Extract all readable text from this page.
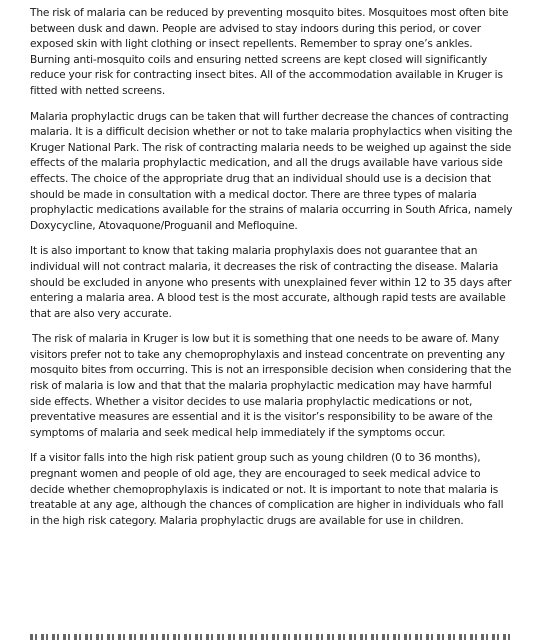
The risk of malaria can be reduced by preventing mosquito bites. Mosquitoes most often bite between dusk and dawn. People are advised to stay indoors during this period, or cover exposed skin with light clothing or insect repellents. Remember to spray one’s ankles. Burning anti-mosquito coils and ensuring netted screens are kept closed will significantly reduce your risk for contracting insect bites. All of the accommodation available in Kruger is fitted with netted screens.

Malaria prophylactic drugs can be taken that will further decrease the chances of contracting malaria. It is a difficult decision whether or not to take malaria prophylactics when visiting the Kruger National Park. The risk of contracting malaria needs to be weighed up against the side effects of the malaria prophylactic medication, and all the drugs available have various side effects. The choice of the appropriate drug that an individual should use is a decision that should be made in consultation with a medical doctor. There are three types of malaria prophylactic medications available for the strains of malaria occurring in South Africa, namely Doxycycline, Atovaquone/Proguanil and Mefloquine.

It is also important to know that taking malaria prophylaxis does not guarantee that an individual will not contract malaria, it decreases the risk of contracting the disease. Malaria should be excluded in anyone who presents with unexplained fever within 12 to 35 days after entering a malaria area. A blood test is the most accurate, although rapid tests are available that are also very accurate.

The risk of malaria in Kruger is low but it is something that one needs to be aware of. Many visitors prefer not to take any chemoprophylaxis and instead concentrate on preventing any mosquito bites from occurring. This is not an irresponsible decision when considering that the risk of malaria is low and that that the malaria prophylactic medication may have harmful side effects. Whether a visitor decides to use malaria prophylactic medications or not, preventative measures are essential and it is the visitor’s responsibility to be aware of the symptoms of malaria and seek medical help immediately if the symptoms occur.

If a visitor falls into the high risk patient group such as young children (0 to 36 months), pregnant women and people of old age, they are encouraged to seek medical advice to decide whether chemoprophylaxis is indicated or not. It is important to note that malaria is treatable at any age, although the chances of complication are higher in individuals who fall in the high risk category. Malaria prophylactic drugs are available for use in children.
